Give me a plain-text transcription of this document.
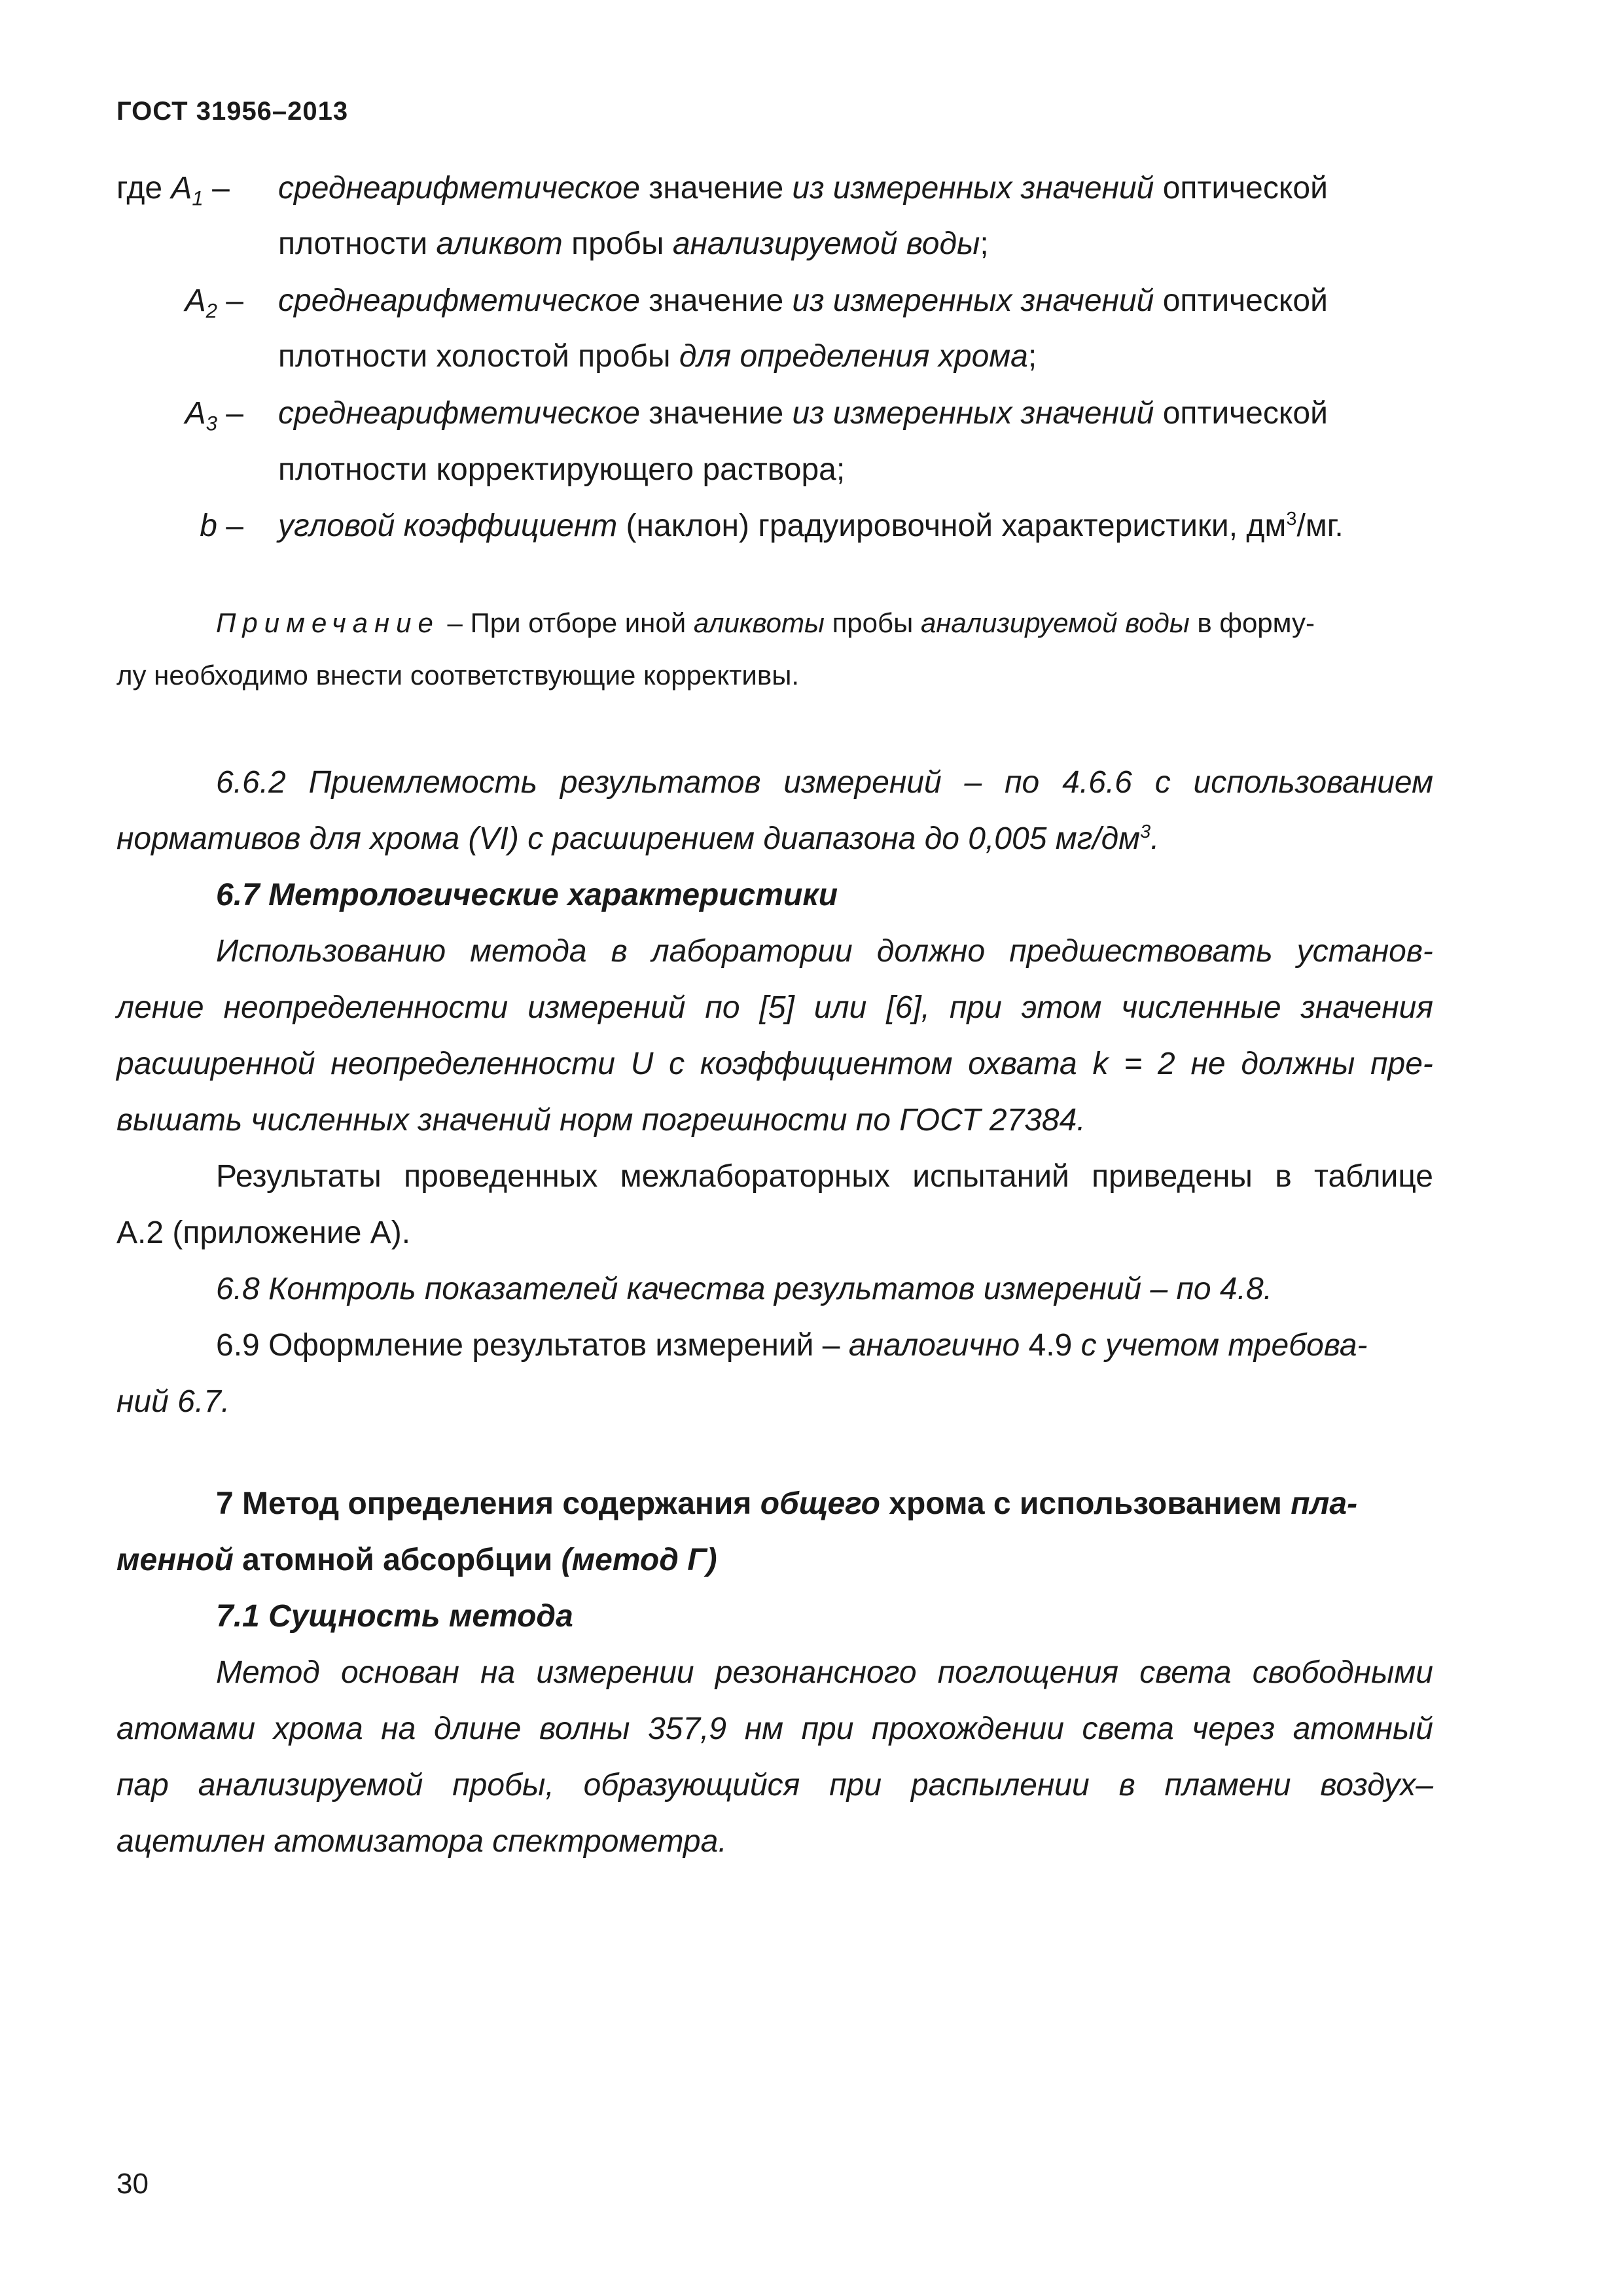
ГОСТ 31956–2013
где $A_1$ – среднеарифметическое значение из измеренных значений оптической
плотности аликвот пробы анализируемой воды;
$A_2$ – среднеарифметическое значение из измеренных значений оптической
плотности холостой пробы для определения хрома;
$A_3$ – среднеарифметическое значение из измеренных значений оптической
плотности корректирующего раствора;
b – угловой коэффициент (наклон) градуировочной характеристики, $дм^3/мг$.
Примечание – При отборе иной аликвоты пробы анализируемой воды в форму-
лу необходимо внести соответствующие коррективы.
6.6.2 Приемлемость результатов измерений – по 4.6.6 с использованием
нормативов для хрома (VI) с расширением диапазона до 0,005 $мг/дм^3$.
6.7 Метрологические характеристики
Использованию метода в лаборатории должно предшествовать установ-
ление неопределенности измерений по [5] или [6], при этом численные значения
расширенной неопределенности U с коэффициентом охвата k = 2 не должны пре-
вышать численных значений норм погрешности по ГОСТ 27384.
Результаты проведенных межлабораторных испытаний приведены в таблице
А.2 (приложение А).
6.8 Контроль показателей качества результатов измерений – по 4.8.
6.9 Оформление результатов измерений – аналогично 4.9 с учетом требова-
ний 6.7.
7 Метод определения содержания общего хрома с использованием пла-
менной атомной абсорбции (метод Г)
7.1 Сущность метода
Метод основан на измерении резонансного поглощения света свободными
атомами хрома на длине волны 357,9 нм при прохождении света через атомный
пар анализируемой пробы, образующийся при распылении в пламени воздух–
ацетилен атомизатора спектрометра.
30
